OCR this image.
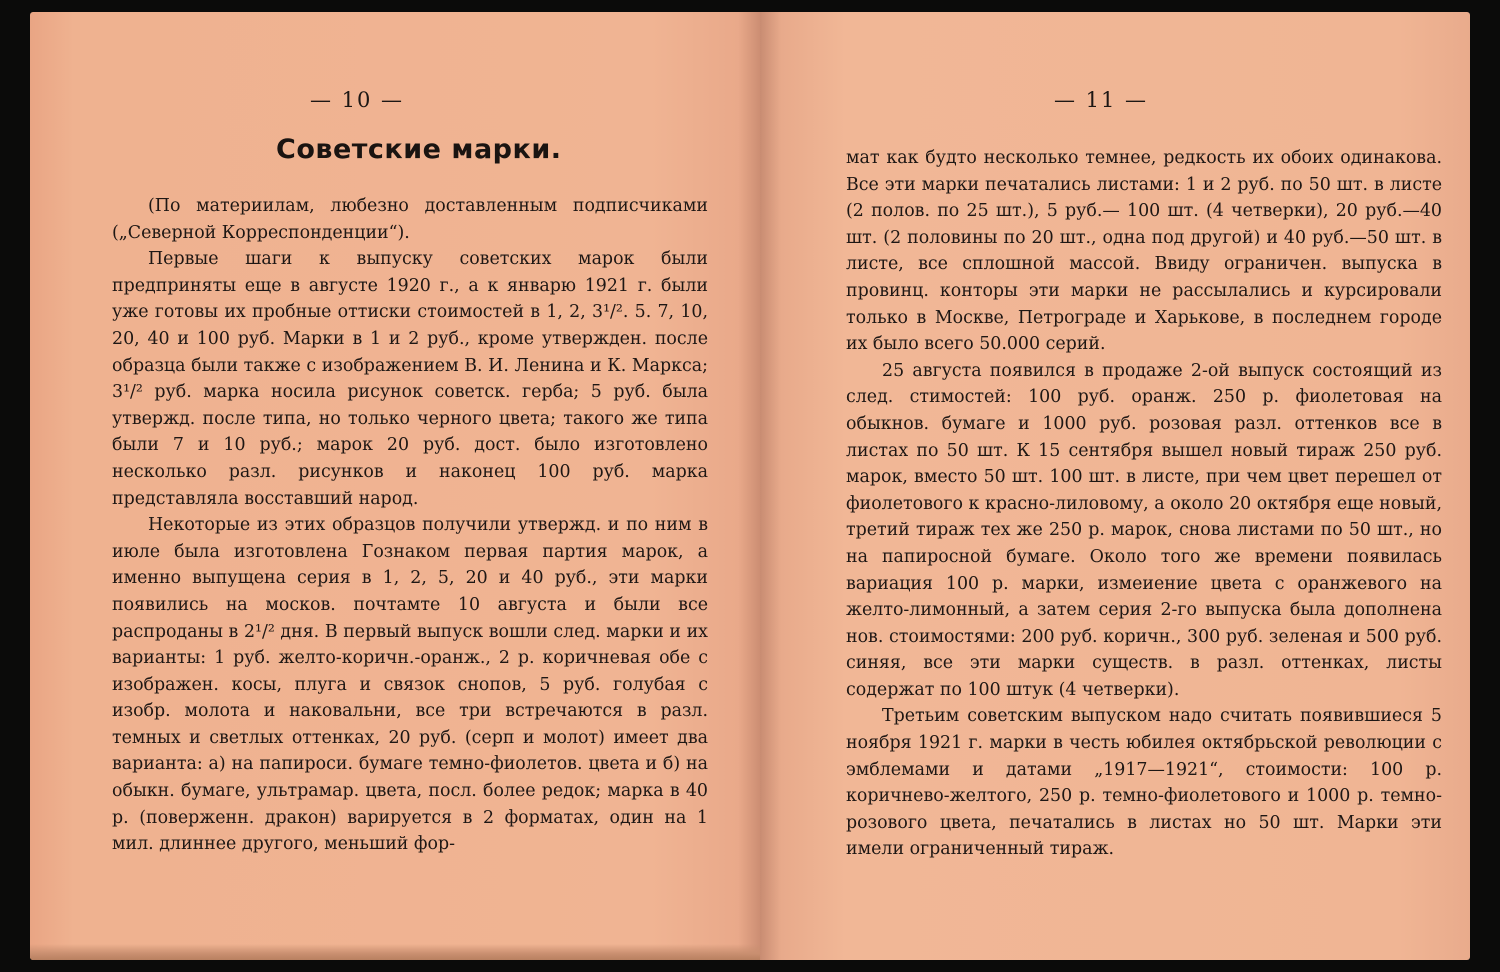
— 10 —
Советские марки.

(По материилам, любезно доставленным подписчиками („Северной Корреспонденции“).

Первые шаги к выпуску советских марок были предприняты еще в августе 1920 г., а к январю 1921 г. были уже готовы их пробные оттиски стоимостей в 1, 2, 3¹/². 5. 7, 10, 20, 40 и 100 руб. Марки в 1 и 2 руб., кроме утвержден. после образца были также с изображением В. И. Ленина и К. Маркса; 3¹/² руб. марка носила рисунок советск. герба; 5 руб. была утвержд. после типа, но только черного цвета; такого же типа были 7 и 10 руб.; марок 20 руб. дост. было изготовлено несколько разл. рисунков и наконец 100 руб. марка представляла восставший народ.

Некоторые из этих образцов получили утвержд. и по ним в июле была изготовлена Гознаком первая партия марок, а именно выпущена серия в 1, 2, 5, 20 и 40 руб., эти марки появились на москов. почтамте 10 августа и были все распроданы в 2¹/² дня. В первый выпуск вошли след. марки и их варианты: 1 руб. желто-коричн.-оранж., 2 р. коричневая обе с изображен. косы, плуга и связок снопов, 5 руб. голубая с изобр. молота и наковальни, все три встречаются в разл. темных и светлых оттенках, 20 руб. (серп и молот) имеет два варианта: а) на папироси. бумаге темно-фиолетов. цвета и б) на обыкн. бумаге, ультрамар. цвета, посл. более редок; марка в 40 р. (поверженн. дракон) варируется в 2 форматах, один на 1 мил. длиннее другого, меньший фор-

— 11 —

мат как будто несколько темнее, редкость их обоих одинакова. Все эти марки печатались листами: 1 и 2 руб. по 50 шт. в листе (2 полов. по 25 шт.), 5 руб.— 100 шт. (4 четверки), 20 руб.—40 шт. (2 половины по 20 шт., одна под другой) и 40 руб.—50 шт. в листе, все сплошной массой. Ввиду ограничен. выпуска в провинц. конторы эти марки не рассылались и курсировали только в Москве, Петрограде и Харькове, в последнем городе их было всего 50.000 серий.

25 августа появился в продаже 2-ой выпуск состоящий из след. стимостей: 100 руб. оранж. 250 р. фиолетовая на обыкнов. бумаге и 1000 руб. розовая разл. оттенков все в листах по 50 шт. К 15 сентября вышел новый тираж 250 руб. марок, вместо 50 шт. 100 шт. в листе, при чем цвет перешел от фиолетового к красно-лиловому, а около 20 октября еще новый, третий тираж тех же 250 р. марок, снова листами по 50 шт., но на папиросной бумаге. Около того же времени появилась вариация 100 р. марки, измеиение цвета с оранжевого на желто-лимонный, а затем серия 2-го выпуска была дополнена нов. стоимостями: 200 руб. коричн., 300 руб. зеленая и 500 руб. синяя, все эти марки существ. в разл. оттенках, листы содержат по 100 штук (4 четверки).

Третьим советским выпуском надо считать появившиеся 5 ноября 1921 г. марки в честь юбилея октябрьской революции с эмблемами и датами „1917—1921“, стоимости: 100 р. коричнево-желтого, 250 р. темно-фиолетового и 1000 р. темно-розового цвета, печатались в листах но 50 шт. Марки эти имели ограниченный тираж.
